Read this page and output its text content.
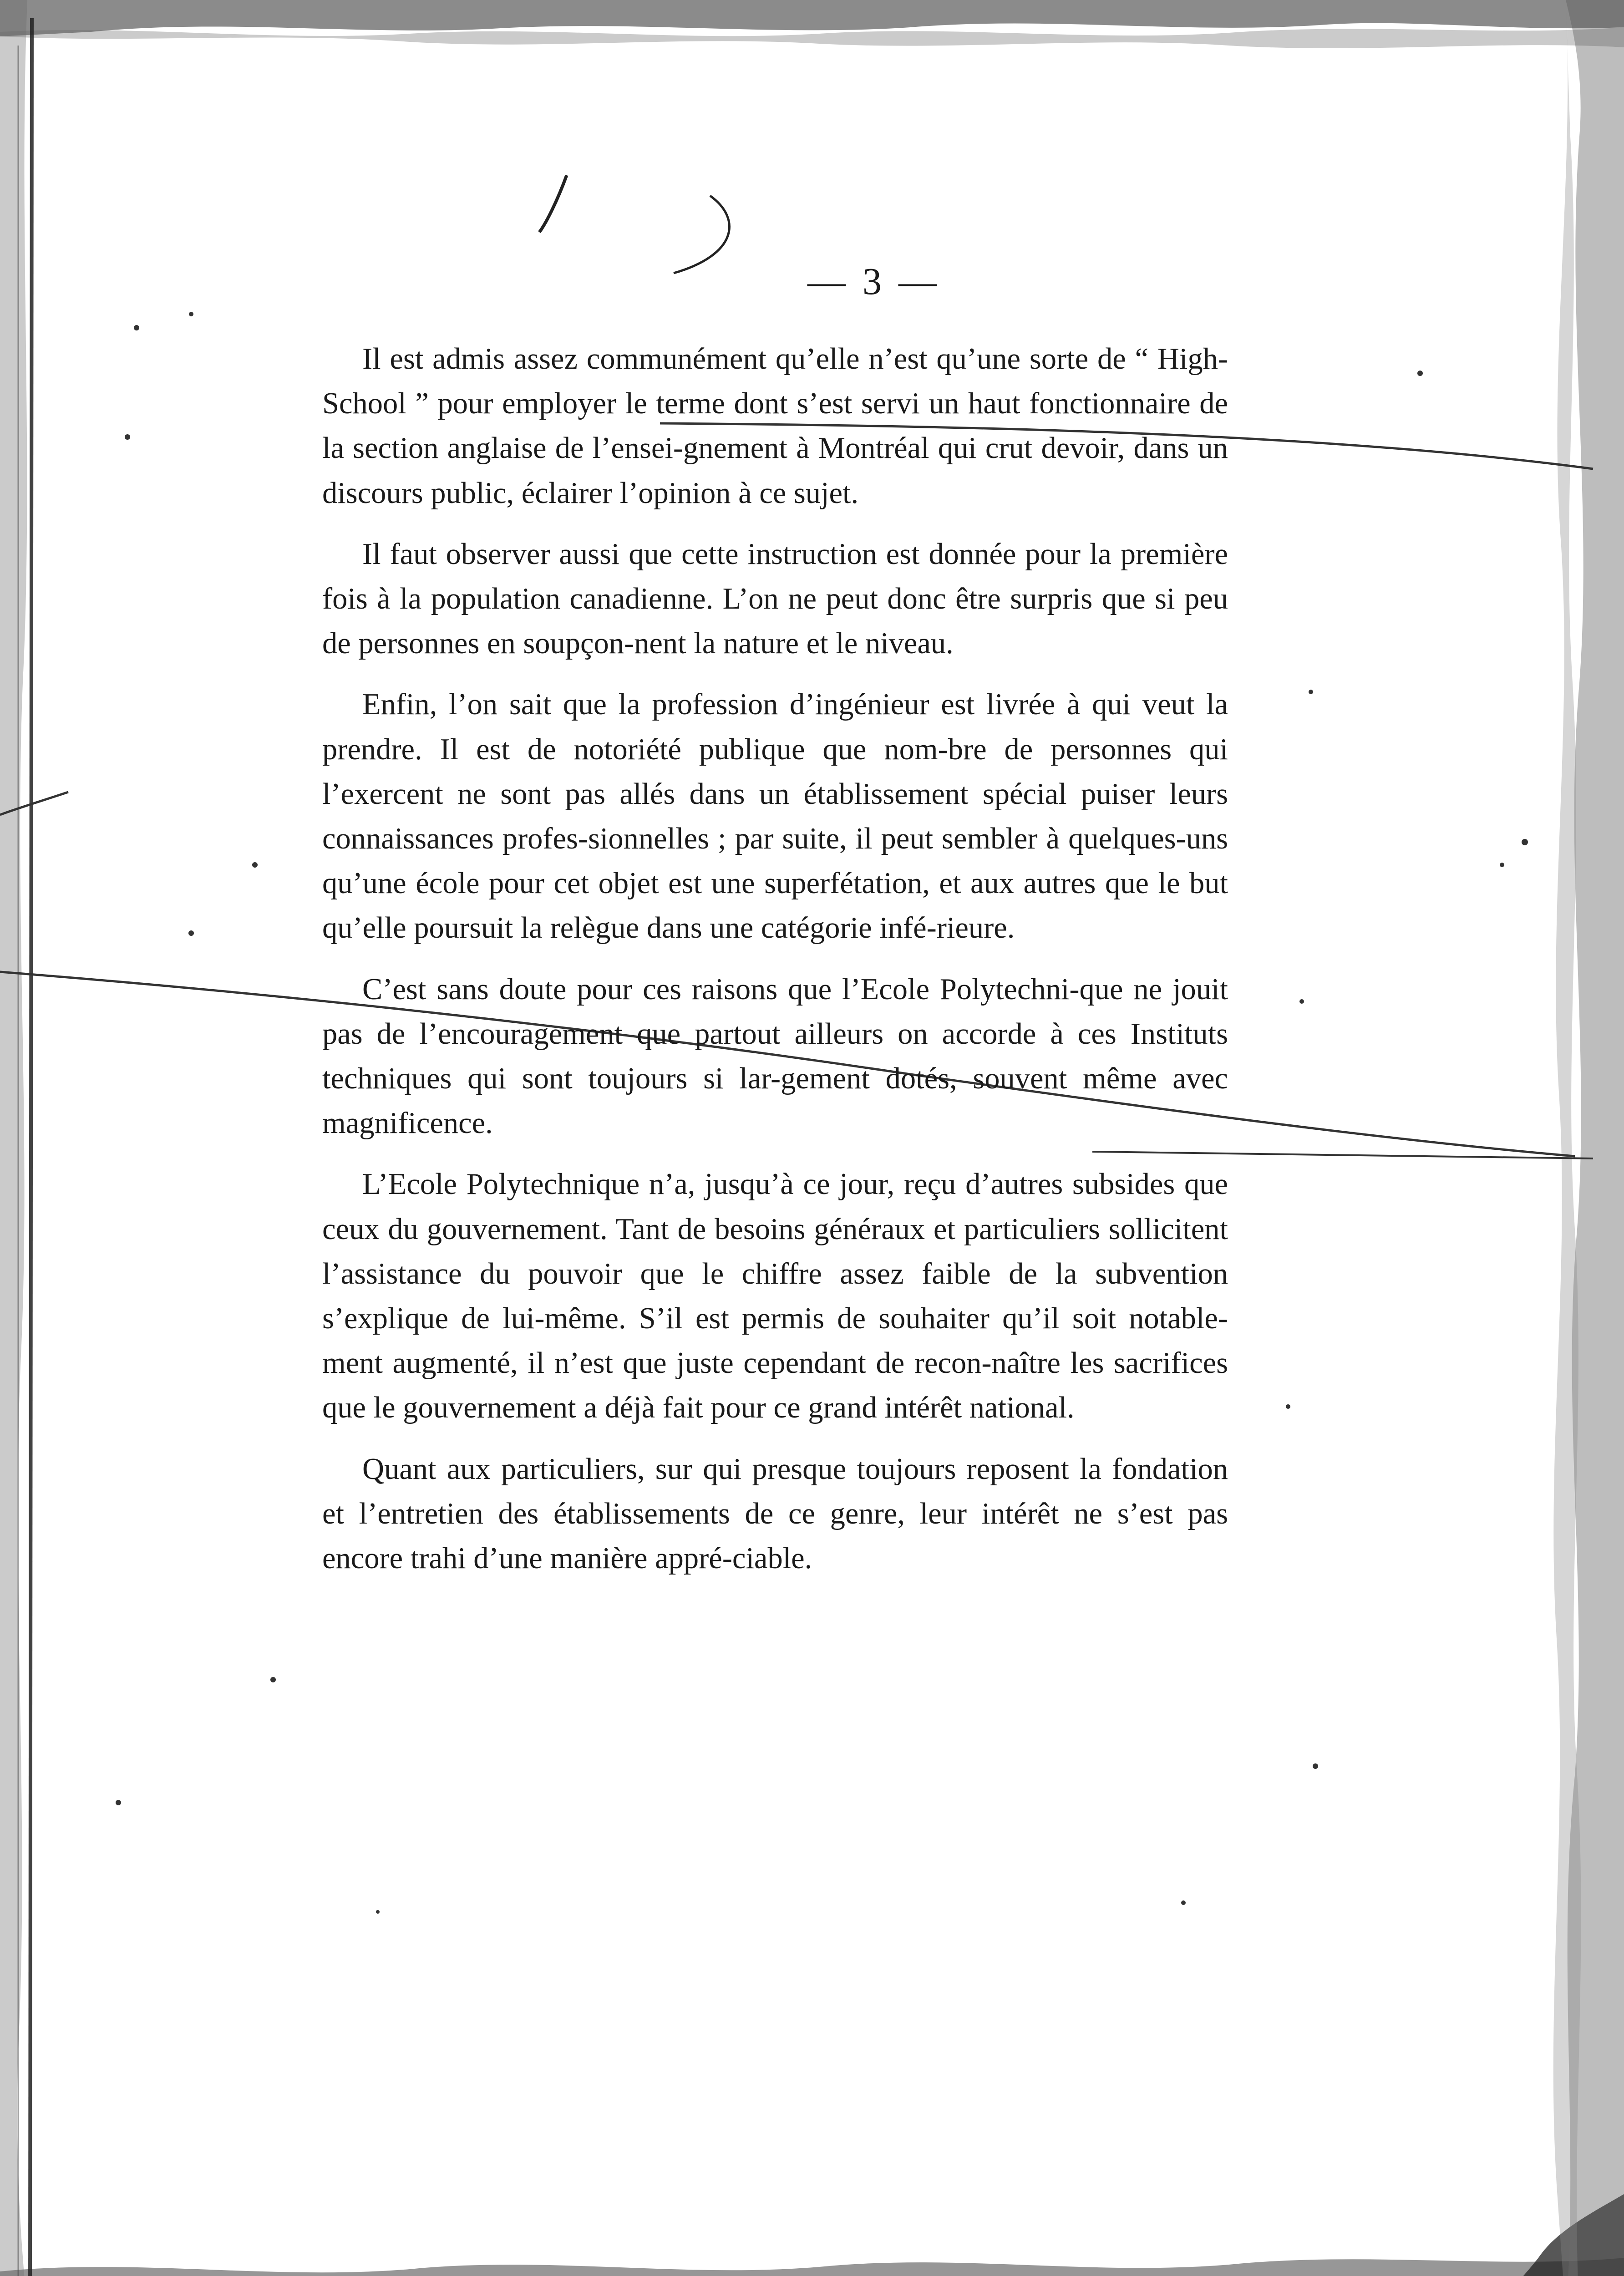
— 3 —

Il est admis assez communément qu’elle n’est qu’une sorte de “ High-School ” pour employer le terme dont s’est servi un haut fonctionnaire de la section anglaise de l’ensei-gnement à Montréal qui crut devoir, dans un discours public, éclairer l’opinion à ce sujet.

Il faut observer aussi que cette instruction est donnée pour la première fois à la population canadienne. L’on ne peut donc être surpris que si peu de personnes en soupçon-nent la nature et le niveau.

Enfin, l’on sait que la profession d’ingénieur est livrée à qui veut la prendre. Il est de notoriété publique que nom-bre de personnes qui l’exercent ne sont pas allés dans un établissement spécial puiser leurs connaissances profes-sionnelles ; par suite, il peut sembler à quelques-uns qu’une école pour cet objet est une superfétation, et aux autres que le but qu’elle poursuit la relègue dans une catégorie infé-rieure.

C’est sans doute pour ces raisons que l’Ecole Polytechni-que ne jouit pas de l’encouragement que partout ailleurs on accorde à ces Instituts techniques qui sont toujours si lar-gement dotés, souvent même avec magnificence.

L’Ecole Polytechnique n’a, jusqu’à ce jour, reçu d’autres subsides que ceux du gouvernement. Tant de besoins généraux et particuliers sollicitent l’assistance du pouvoir que le chiffre assez faible de la subvention s’explique de lui-même. S’il est permis de souhaiter qu’il soit notable-ment augmenté, il n’est que juste cependant de recon-naître les sacrifices que le gouvernement a déjà fait pour ce grand intérêt national.

Quant aux particuliers, sur qui presque toujours reposent la fondation et l’entretien des établissements de ce genre, leur intérêt ne s’est pas encore trahi d’une manière appré-ciable.
